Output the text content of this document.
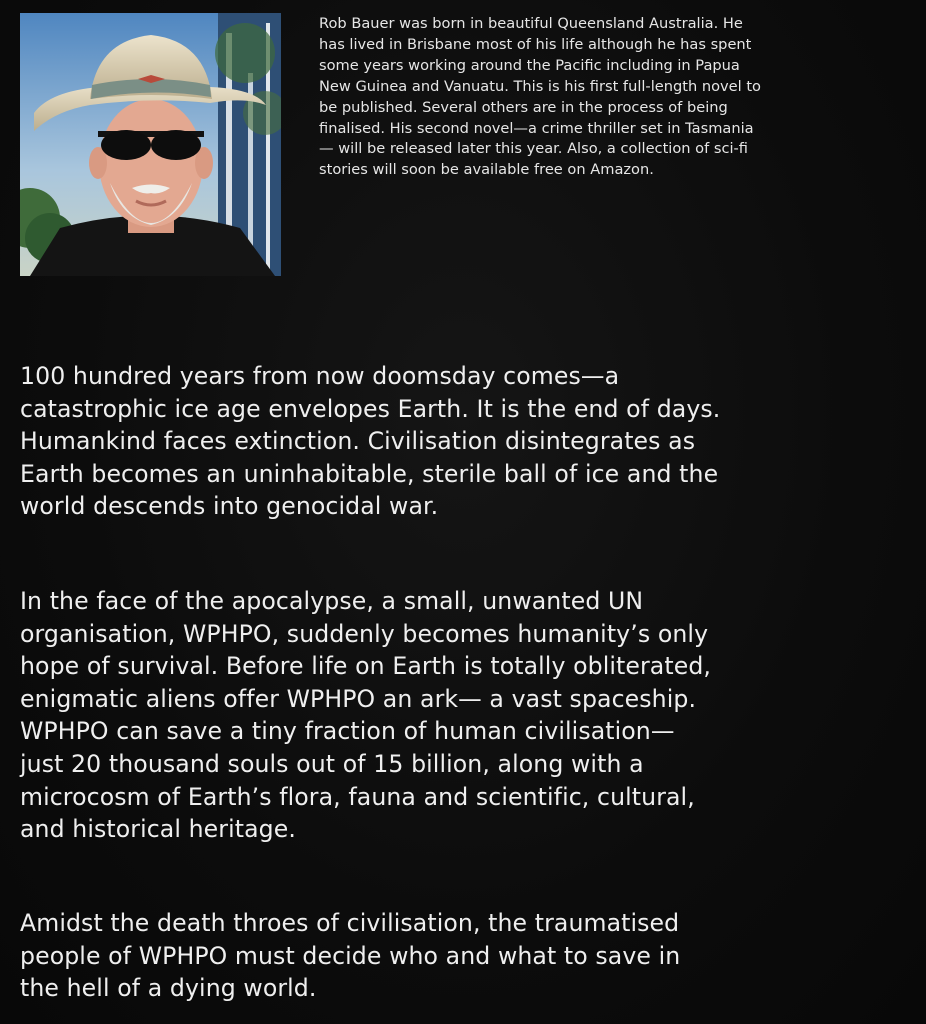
Rob Bauer was born in beautiful Queensland Australia. He
has lived in Brisbane most of his life although he has spent
some years working around the Pacific including in Papua
New Guinea and Vanuatu. This is his first full-length novel to
be published. Several others are in the process of being
finalised. His second novel—a crime thriller set in Tasmania
— will be released later this year. Also, a collection of sci-fi
stories will soon be available free on Amazon.

100 hundred years from now doomsday comes—a
catastrophic ice age envelopes Earth. It is the end of days.
Humankind faces extinction. Civilisation disintegrates as
Earth becomes an uninhabitable, sterile ball of ice and the
world descends into genocidal war.

In the face of the apocalypse, a small, unwanted UN
organisation, WPHPO, suddenly becomes humanity’s only
hope of survival. Before life on Earth is totally obliterated,
enigmatic aliens offer WPHPO an ark— a vast spaceship.
WPHPO can save a tiny fraction of human civilisation—
just 20 thousand souls out of 15 billion, along with a
microcosm of Earth’s flora, fauna and scientific, cultural,
and historical heritage.

Amidst the death throes of civilisation, the traumatised
people of WPHPO must decide who and what to save in
the hell of a dying world.
